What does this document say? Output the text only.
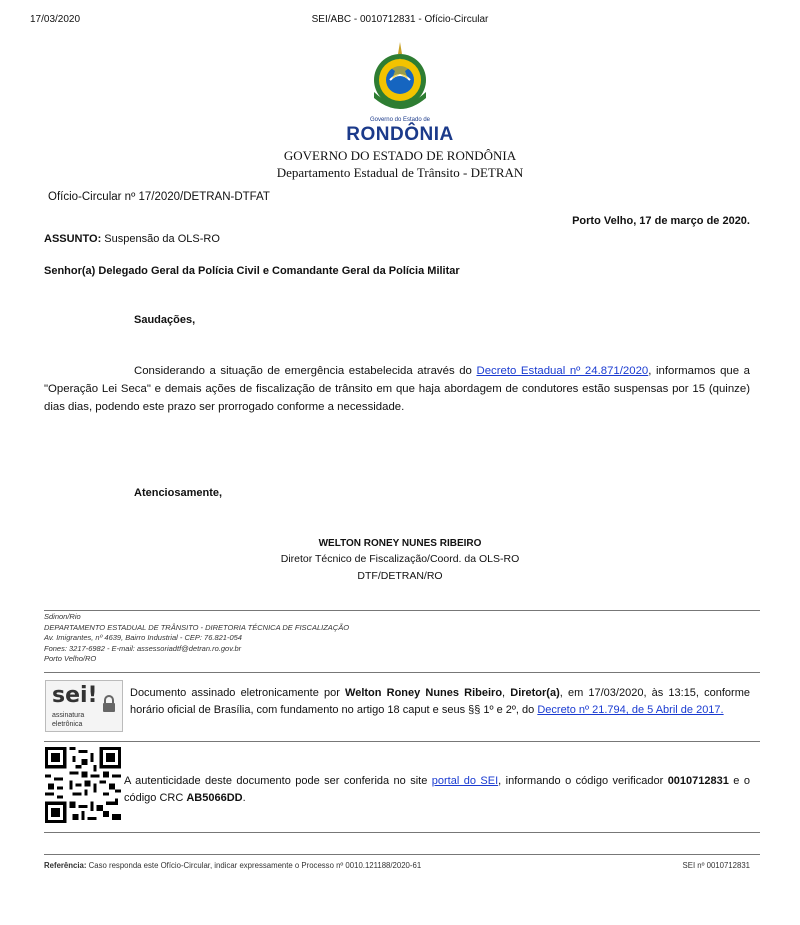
17/03/2020	SEI/ABC - 0010712831 - Ofício-Circular
Governo do Estado de
RONDÔNIA
GOVERNO DO ESTADO DE RONDÔNIA
Departamento Estadual de Trânsito - DETRAN
Ofício-Circular nº 17/2020/DETRAN-DTFAT
Porto Velho, 17 de março de 2020.
ASSUNTO: Suspensão da OLS-RO
Senhor(a) Delegado Geral da Polícia Civil e Comandante Geral da Polícia Militar
Saudações,

Considerando a situação de emergência estabelecida através do Decreto Estadual nº 24.871/2020, informamos que a "Operação Lei Seca" e demais ações de fiscalização de trânsito em que haja abordagem de condutores estão suspensas por 15 (quinze) dias dias, podendo este prazo ser prorrogado conforme a necessidade.

Atenciosamente,
WELTON RONEY NUNES RIBEIRO
Diretor Técnico de Fiscalização/Coord. da OLS-RO
DTF/DETRAN/RO
Sdinon/Rio
DEPARTAMENTO ESTADUAL DE TRÂNSITO - DIRETORIA TÉCNICA DE FISCALIZAÇÃO
Av. Imigrantes, nº 4639, Bairro Industrial - CEP: 76.821-054
Fones: 3217-6982 - E-mail: assessoriadtf@detran.ro.gov.br
Porto Velho/RO
sei!
assinatura
eletrônica

Documento assinado eletronicamente por Welton Roney Nunes Ribeiro, Diretor(a), em 17/03/2020, às 13:15, conforme horário oficial de Brasília, com fundamento no artigo 18 caput e seus §§ 1º e 2º, do Decreto nº 21.794, de 5 Abril de 2017.

A autenticidade deste documento pode ser conferida no site portal do SEI, informando o código verificador 0010712831 e o código CRC AB5066DD.

Referência: Caso responda este Ofício-Circular, indicar expressamente o Processo nº 0010.121188/2020-61	SEI nº 0010712831
